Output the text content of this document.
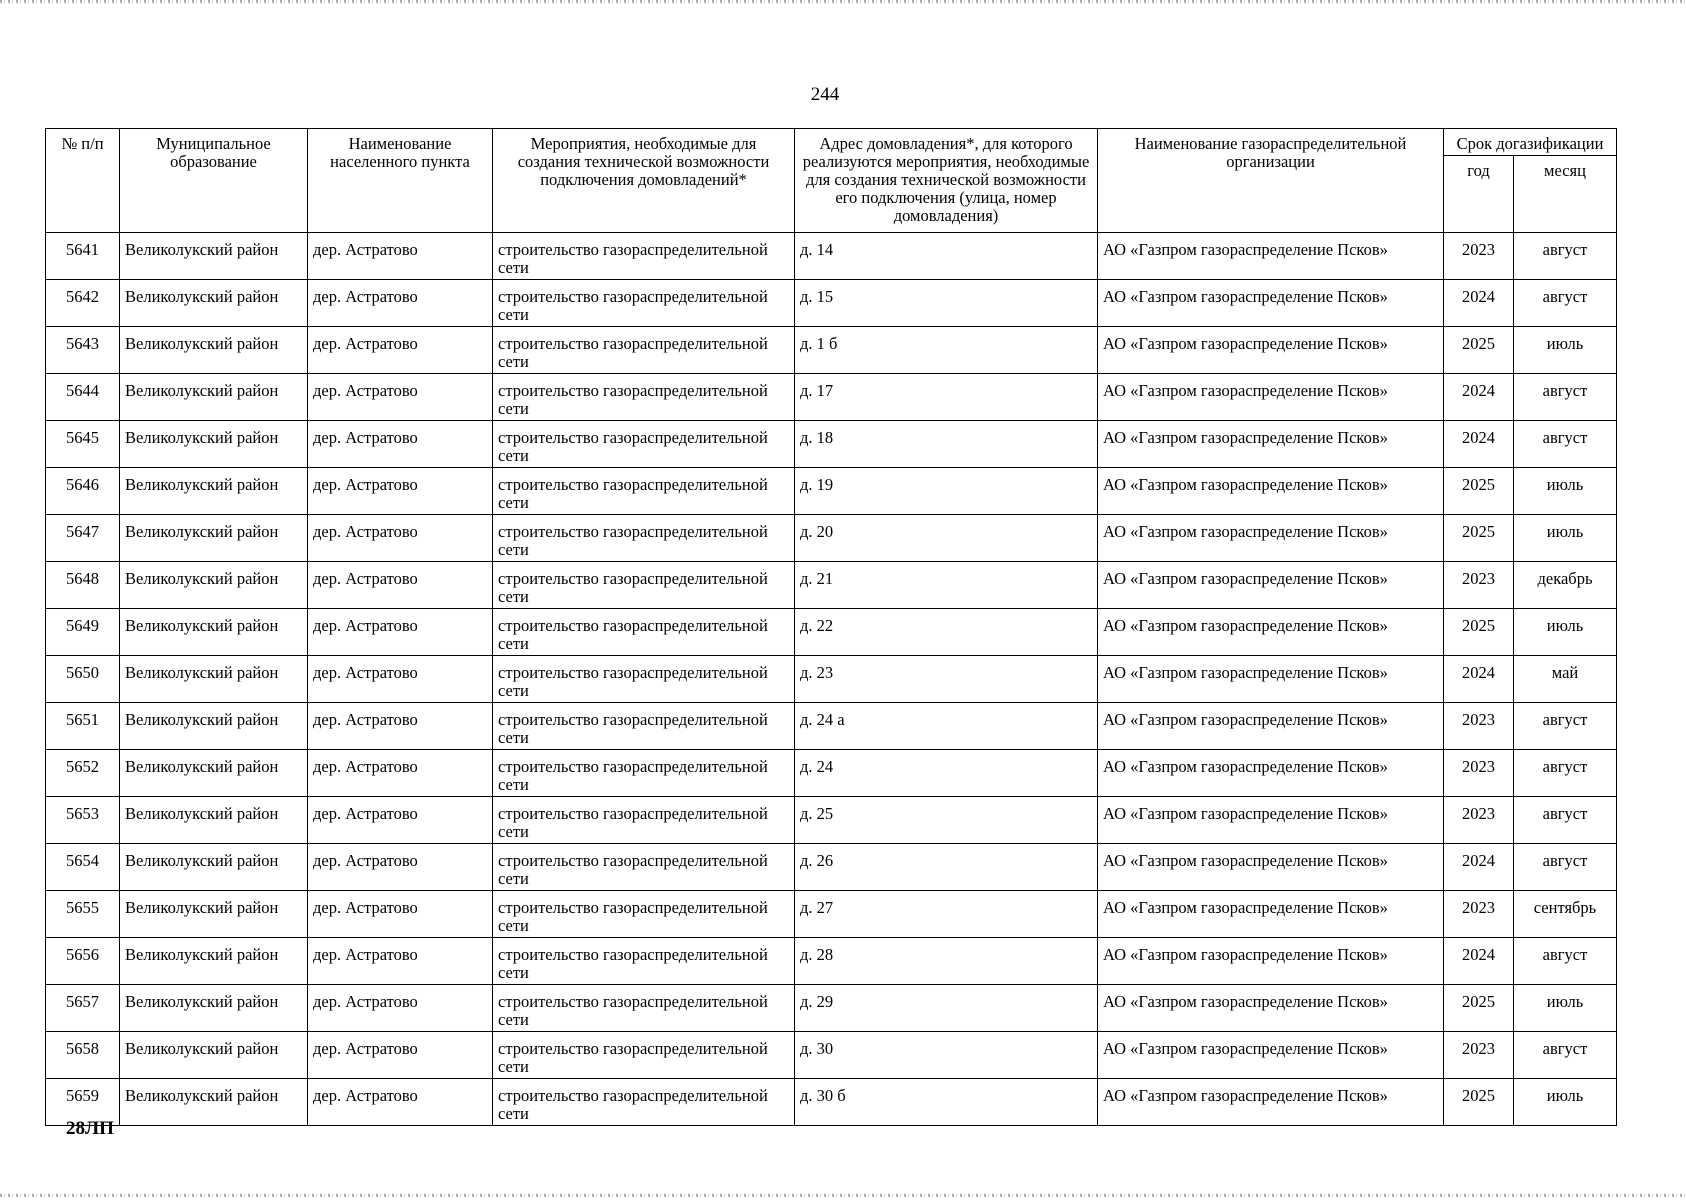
244
№ п/п	Муниципальное образование	Наименование населенного пункта	Мероприятия, необходимые для создания технической возможности подключения домовладений*	Адрес домовладения*, для которого реализуются мероприятия, необходимые для создания технической возможности его подключения (улица, номер домовладения)	Наименование газораспределительной организации	Срок догазификации	
						год	месяц
5641	Великолукский район	дер. Астратово	строительство газораспределительной сети	д. 14	АО «Газпром газораспределение Псков»	2023	август
5642	Великолукский район	дер. Астратово	строительство газораспределительной сети	д. 15	АО «Газпром газораспределение Псков»	2024	август
5643	Великолукский район	дер. Астратово	строительство газораспределительной сети	д. 1 б	АО «Газпром газораспределение Псков»	2025	июль
5644	Великолукский район	дер. Астратово	строительство газораспределительной сети	д. 17	АО «Газпром газораспределение Псков»	2024	август
5645	Великолукский район	дер. Астратово	строительство газораспределительной сети	д. 18	АО «Газпром газораспределение Псков»	2024	август
5646	Великолукский район	дер. Астратово	строительство газораспределительной сети	д. 19	АО «Газпром газораспределение Псков»	2025	июль
5647	Великолукский район	дер. Астратово	строительство газораспределительной сети	д. 20	АО «Газпром газораспределение Псков»	2025	июль
5648	Великолукский район	дер. Астратово	строительство газораспределительной сети	д. 21	АО «Газпром газораспределение Псков»	2023	декабрь
5649	Великолукский район	дер. Астратово	строительство газораспределительной сети	д. 22	АО «Газпром газораспределение Псков»	2025	июль
5650	Великолукский район	дер. Астратово	строительство газораспределительной сети	д. 23	АО «Газпром газораспределение Псков»	2024	май
5651	Великолукский район	дер. Астратово	строительство газораспределительной сети	д. 24 а	АО «Газпром газораспределение Псков»	2023	август
5652	Великолукский район	дер. Астратово	строительство газораспределительной сети	д. 24	АО «Газпром газораспределение Псков»	2023	август
5653	Великолукский район	дер. Астратово	строительство газораспределительной сети	д. 25	АО «Газпром газораспределение Псков»	2023	август
5654	Великолукский район	дер. Астратово	строительство газораспределительной сети	д. 26	АО «Газпром газораспределение Псков»	2024	август
5655	Великолукский район	дер. Астратово	строительство газораспределительной сети	д. 27	АО «Газпром газораспределение Псков»	2023	сентябрь
5656	Великолукский район	дер. Астратово	строительство газораспределительной сети	д. 28	АО «Газпром газораспределение Псков»	2024	август
5657	Великолукский район	дер. Астратово	строительство газораспределительной сети	д. 29	АО «Газпром газораспределение Псков»	2025	июль
5658	Великолукский район	дер. Астратово	строительство газораспределительной сети	д. 30	АО «Газпром газораспределение Псков»	2023	август
5659	Великолукский район	дер. Астратово	строительство газораспределительной сети	д. 30 б	АО «Газпром газораспределение Псков»	2025	июль
28ЛП
